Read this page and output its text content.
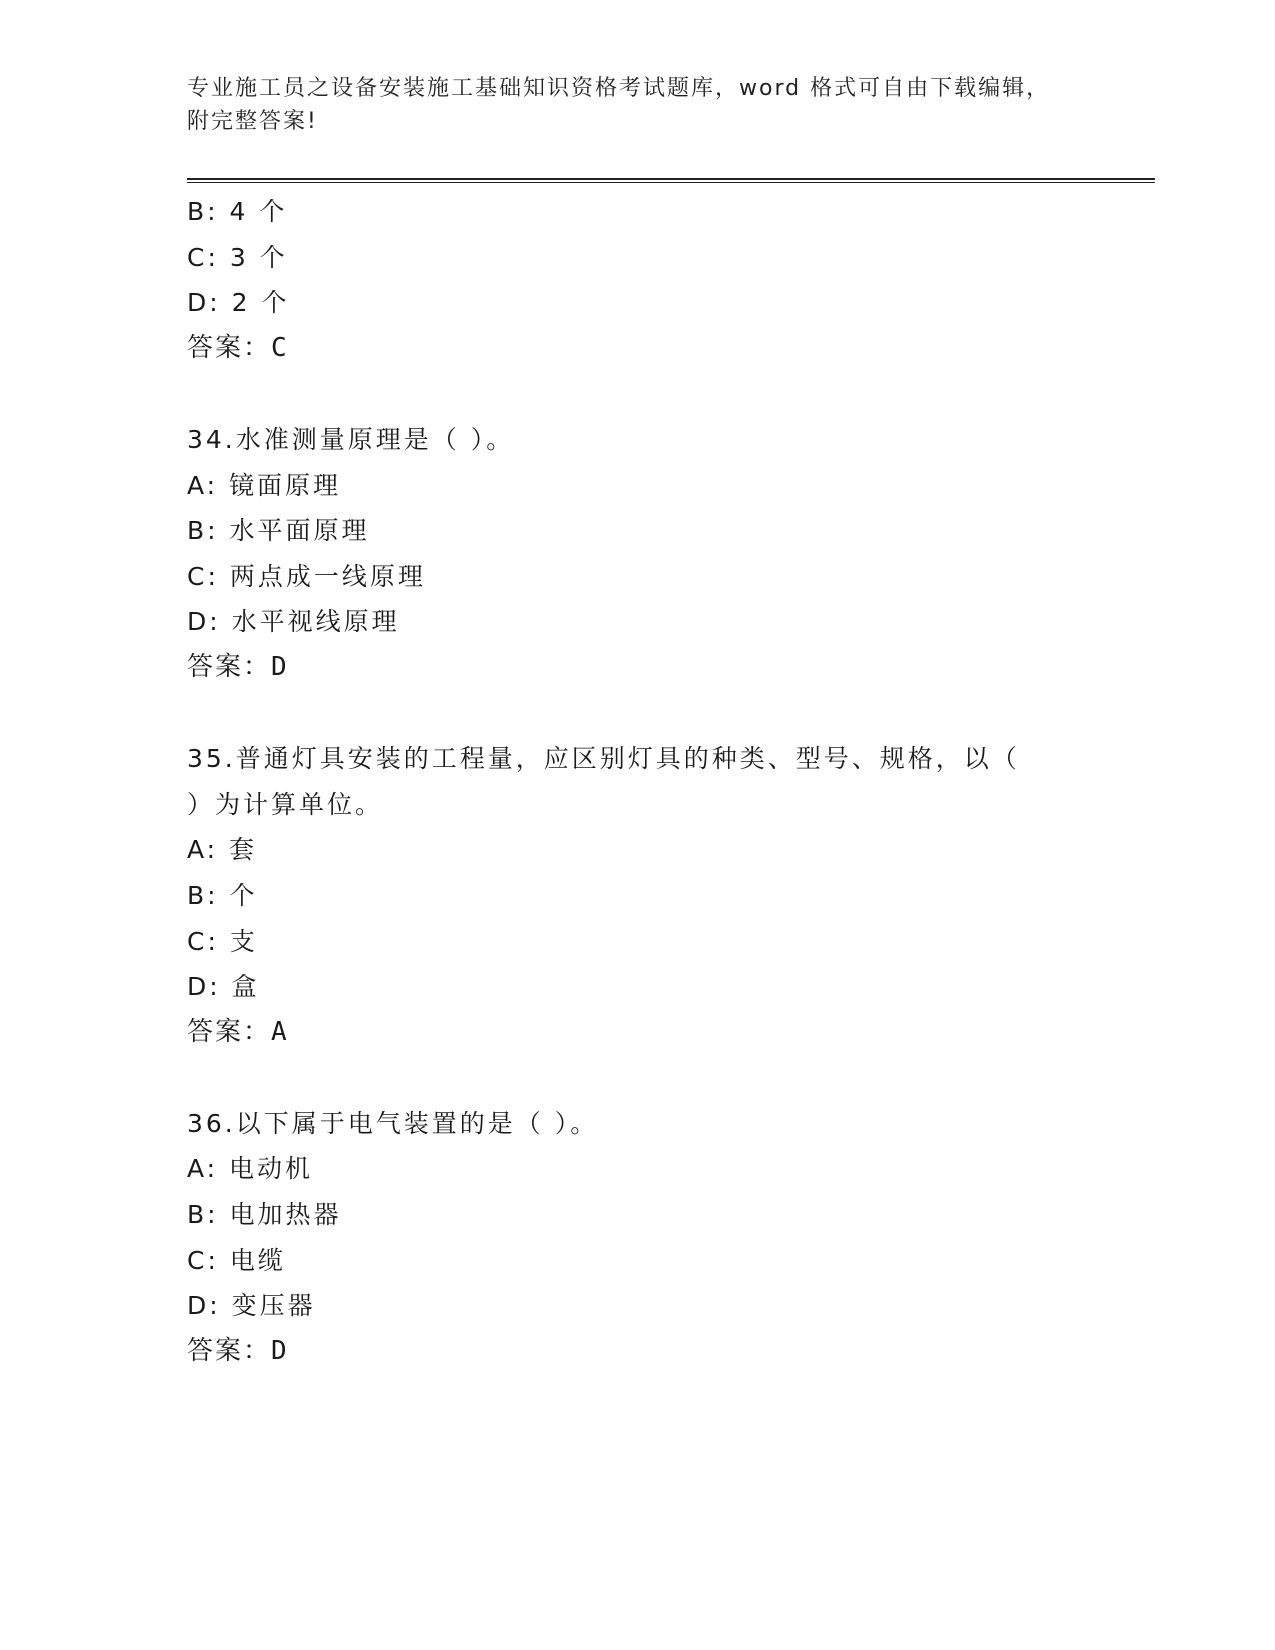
专业施工员之设备安装施工基础知识资格考试题库，word 格式可自由下载编辑，
附完整答案!
B: 4 个
C: 3 个
D: 2 个
答案：C
34.水准测量原理是（ ）。
A: 镜面原理
B: 水平面原理
C: 两点成一线原理
D: 水平视线原理
答案：D
35.普通灯具安装的工程量，应区别灯具的种类、型号、规格，以（
）为计算单位。
A: 套
B: 个
C: 支
D: 盒
答案：A
36.以下属于电气装置的是（ ）。
A: 电动机
B: 电加热器
C: 电缆
D: 变压器
答案：D
